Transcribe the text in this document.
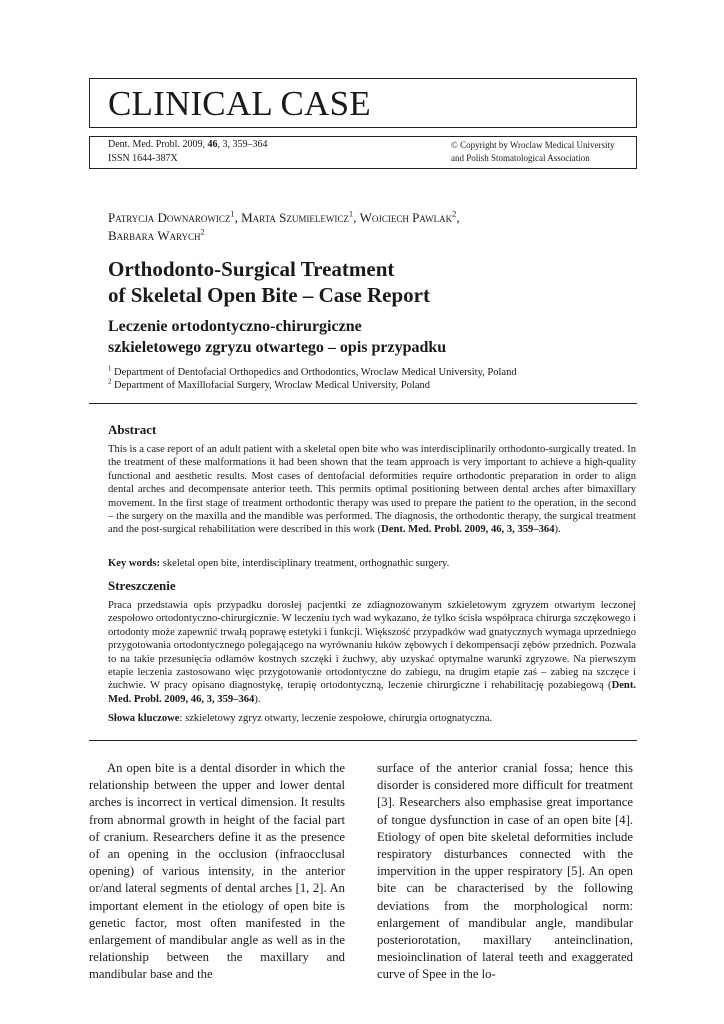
CLINICAL CASE
Dent. Med. Probl. 2009, 46, 3, 359–364
ISSN 1644-387X
© Copyright by Wroclaw Medical University
and Polish Stomatological Association
Patrycja Downarowicz$^1$, Marta Szumielewicz$^1$, Wojciech Pawlak$^2$,
Barbara Warych$^2$
Orthodonto-Surgical Treatment
of Skeletal Open Bite – Case Report
Leczenie ortodontyczno-chirurgiczne
szkieletowego zgryzu otwartego – opis przypadku
$^1$ Department of Dentofacial Orthopedics and Orthodontics, Wroclaw Medical University, Poland
$^2$ Department of Maxillofacial Surgery, Wroclaw Medical University, Poland
Abstract
This is a case report of an adult patient with a skeletal open bite who was interdisciplinarily orthodonto-surgically treated. In the treatment of these malformations it had been shown that the team approach is very important to achieve a high-quality functional and aesthetic results. Most cases of dentofacial deformities require orthodontic preparation in order to align dental arches and decompensate anterior teeth. This permits optimal positioning between dental arches after bimaxillary movement. In the first stage of treatment orthodontic therapy was used to prepare the patient to the operation, in the second – the surgery on the maxilla and the mandible was performed. The diagnosis, the orthodontic therapy, the surgical treatment and the post-surgical rehabilitation were described in this work (Dent. Med. Probl. 2009, 46, 3, 359–364).
Key words: skeletal open bite, interdisciplinary treatment, orthognathic surgery.
Streszczenie
Praca przedstawia opis przypadku dorosłej pacjentki ze zdiagnozowanym szkieletowym zgryzem otwartym leczonej zespołowo ortodontyczno-chirurgicznie. W leczeniu tych wad wykazano, że tylko ścisła współpraca chirurga szczękowego i ortodonty może zapewnić trwałą poprawę estetyki i funkcji. Większość przypadków wad gnatycznych wymaga uprzedniego przygotowania ortodontycznego polegającego na wyrównaniu łuków zębowych i dekompensacji zębów przednich. Pozwala to na takie przesunięcia odłamów kostnych szczęki i żuchwy, aby uzyskać optymalne warunki zgryzowe. Na pierwszym etapie leczenia zastosowano więc przygotowanie ortodontyczne do zabiegu, na drugim etapie zaś – zabieg na szczęce i żuchwie. W pracy opisano diagnostykę, terapię ortodontyczną, leczenie chirurgiczne i rehabilitację pozabiegową (Dent. Med. Probl. 2009, 46, 3, 359–364).
Słowa kluczowe: szkieletowy zgryz otwarty, leczenie zespołowe, chirurgia ortognatyczna.
An open bite is a dental disorder in which the relationship between the upper and lower dental arches is incorrect in vertical dimension. It results from abnormal growth in height of the facial part of cranium. Researchers define it as the presence of an opening in the occlusion (infraocclusal opening) of various intensity, in the anterior or/and lateral segments of dental arches [1, 2]. An important element in the etiology of open bite is genetic factor, most often manifested in the enlargement of mandibular angle as well as in the relationship between the maxillary and mandibular base and the
surface of the anterior cranial fossa; hence this disorder is considered more difficult for treatment [3]. Researchers also emphasise great importance of tongue dysfunction in case of an open bite [4]. Etiology of open bite skeletal deformities include respiratory disturbances connected with the impervition in the upper respiratory [5]. An open bite can be characterised by the following deviations from the morphological norm: enlargement of mandibular angle, mandibular posteriorotation, maxillary anteinclination, mesioinclination of lateral teeth and exaggerated curve of Spee in the lo-
